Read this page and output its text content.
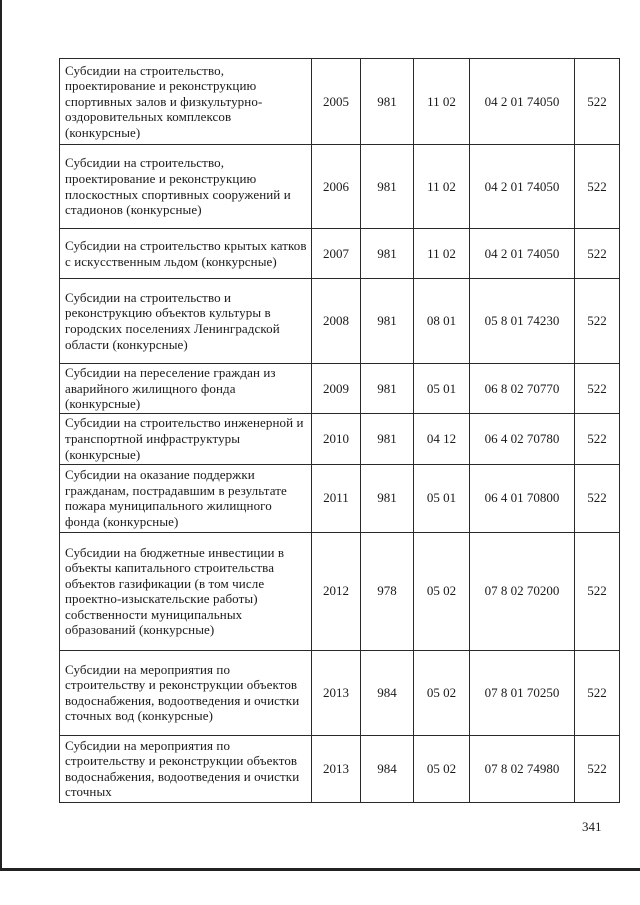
Субсидии на строительство, проектирование и реконструкцию спортивных залов и физкультурно-оздоровительных комплексов (конкурсные)	2005	981	11 02	04 2 01 74050	522
Субсидии на строительство, проектирование и реконструкцию плоскостных спортивных сооружений и стадионов (конкурсные)	2006	981	11 02	04 2 01 74050	522
Субсидии на строительство крытых катков с искусственным льдом (конкурсные)	2007	981	11 02	04 2 01 74050	522
Субсидии на строительство и реконструкцию объектов культуры в городских поселениях Ленинградской области (конкурсные)	2008	981	08 01	05 8 01 74230	522
Субсидии на переселение граждан из аварийного жилищного фонда (конкурсные)	2009	981	05 01	06 8 02 70770	522
Субсидии на строительство инженерной и транспортной инфраструктуры (конкурсные)	2010	981	04 12	06 4 02 70780	522
Субсидии на оказание поддержки гражданам, пострадавшим в результате пожара муниципального жилищного фонда (конкурсные)	2011	981	05 01	06 4 01 70800	522
Субсидии на бюджетные инвестиции в объекты капитального строительства объектов газификации (в том числе проектно-изыскательские работы) собственности муниципальных образований (конкурсные)	2012	978	05 02	07 8 02 70200	522
Субсидии на мероприятия по строительству и реконструкции объектов водоснабжения, водоотведения и очистки сточных вод (конкурсные)	2013	984	05 02	07 8 01 70250	522
Субсидии на мероприятия по строительству и реконструкции объектов водоснабжения, водоотведения и очистки сточных	2013	984	05 02	07 8 02 74980	522
341
